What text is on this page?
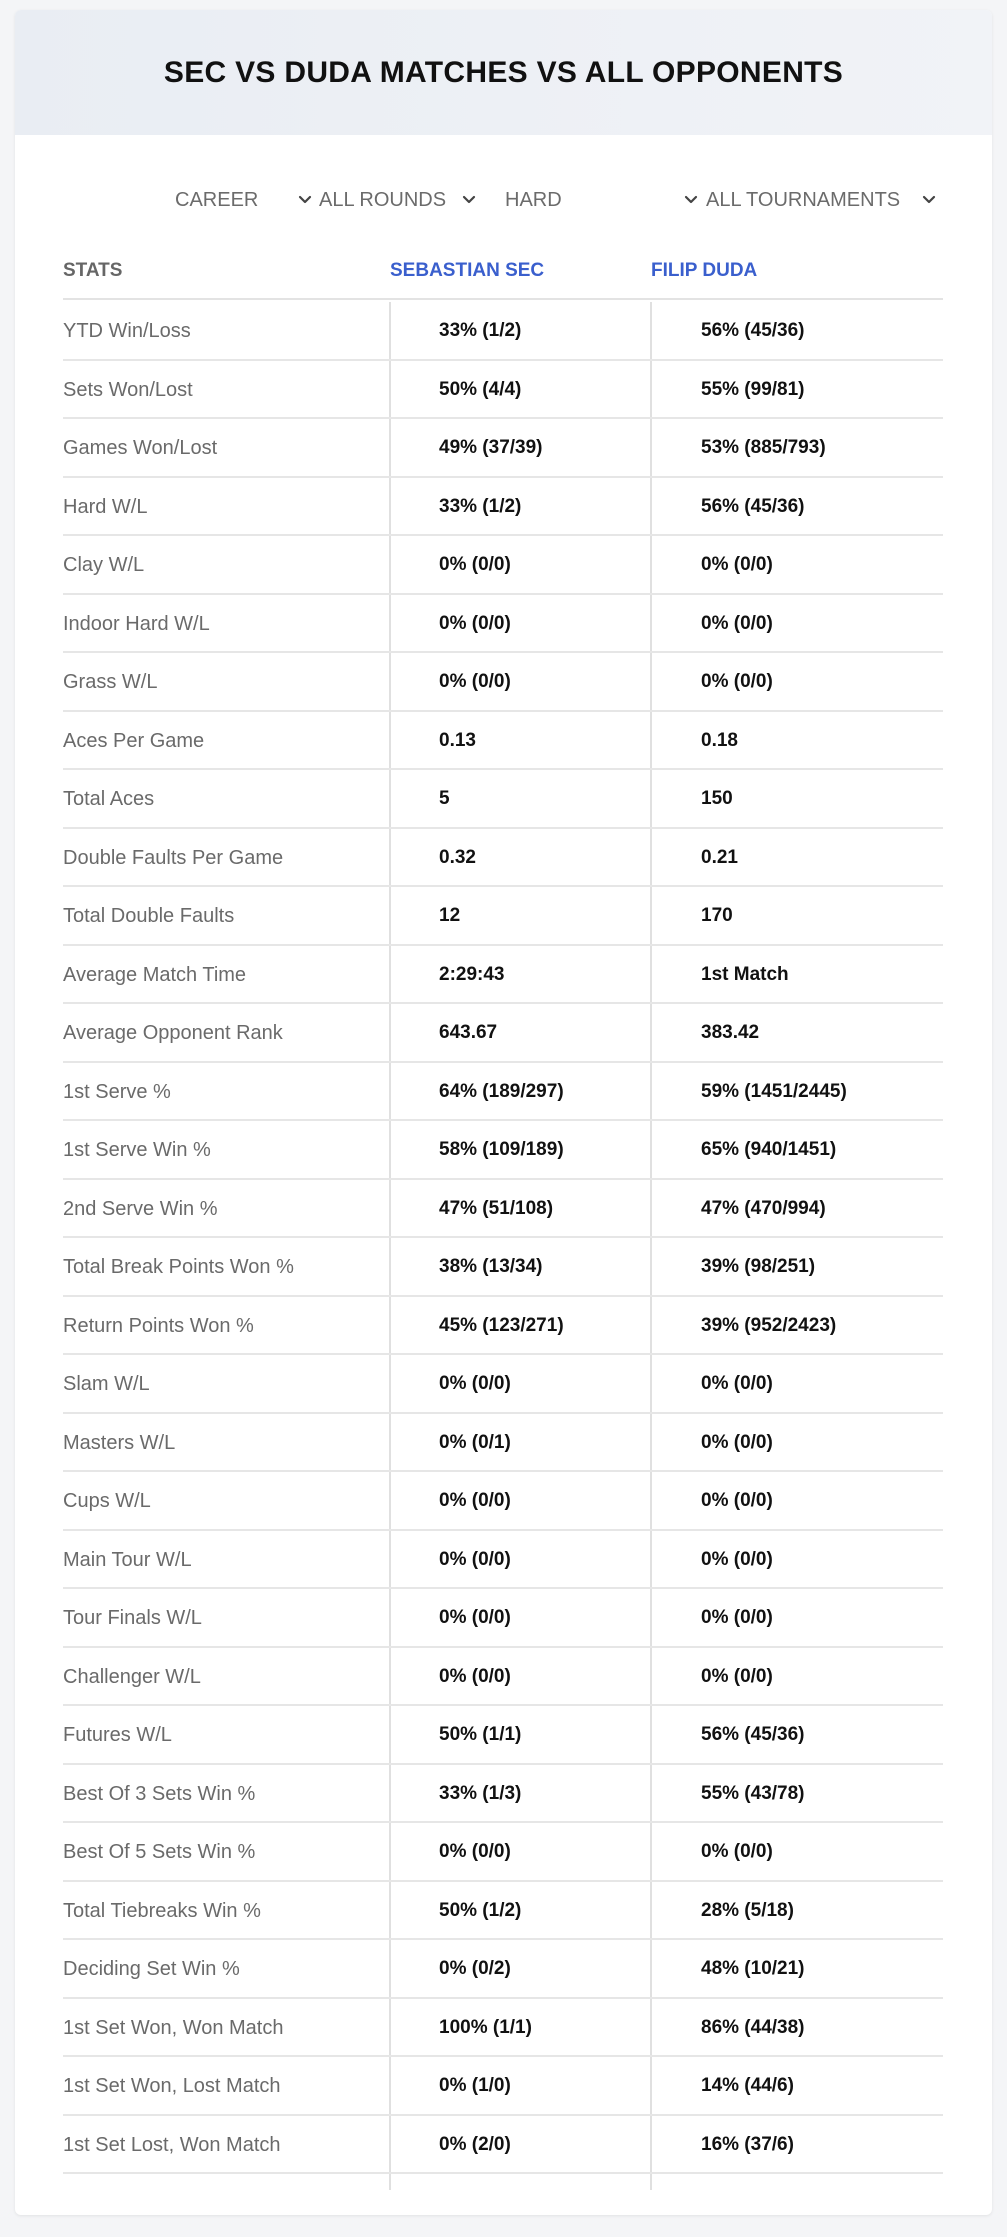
SEC VS DUDA MATCHES VS ALL OPPONENTS
CAREER	ALL ROUNDS	HARD	ALL TOURNAMENTS
STATS	SEBASTIAN SEC	FILIP DUDA
YTD Win/Loss	33% (1/2)	56% (45/36)
Sets Won/Lost	50% (4/4)	55% (99/81)
Games Won/Lost	49% (37/39)	53% (885/793)
Hard W/L	33% (1/2)	56% (45/36)
Clay W/L	0% (0/0)	0% (0/0)
Indoor Hard W/L	0% (0/0)	0% (0/0)
Grass W/L	0% (0/0)	0% (0/0)
Aces Per Game	0.13	0.18
Total Aces	5	150
Double Faults Per Game	0.32	0.21
Total Double Faults	12	170
Average Match Time	2:29:43	1st Match
Average Opponent Rank	643.67	383.42
1st Serve %	64% (189/297)	59% (1451/2445)
1st Serve Win %	58% (109/189)	65% (940/1451)
2nd Serve Win %	47% (51/108)	47% (470/994)
Total Break Points Won %	38% (13/34)	39% (98/251)
Return Points Won %	45% (123/271)	39% (952/2423)
Slam W/L	0% (0/0)	0% (0/0)
Masters W/L	0% (0/1)	0% (0/0)
Cups W/L	0% (0/0)	0% (0/0)
Main Tour W/L	0% (0/0)	0% (0/0)
Tour Finals W/L	0% (0/0)	0% (0/0)
Challenger W/L	0% (0/0)	0% (0/0)
Futures W/L	50% (1/1)	56% (45/36)
Best Of 3 Sets Win %	33% (1/3)	55% (43/78)
Best Of 5 Sets Win %	0% (0/0)	0% (0/0)
Total Tiebreaks Win %	50% (1/2)	28% (5/18)
Deciding Set Win %	0% (0/2)	48% (10/21)
1st Set Won, Won Match	100% (1/1)	86% (44/38)
1st Set Won, Lost Match	0% (1/0)	14% (44/6)
1st Set Lost, Won Match	0% (2/0)	16% (37/6)
